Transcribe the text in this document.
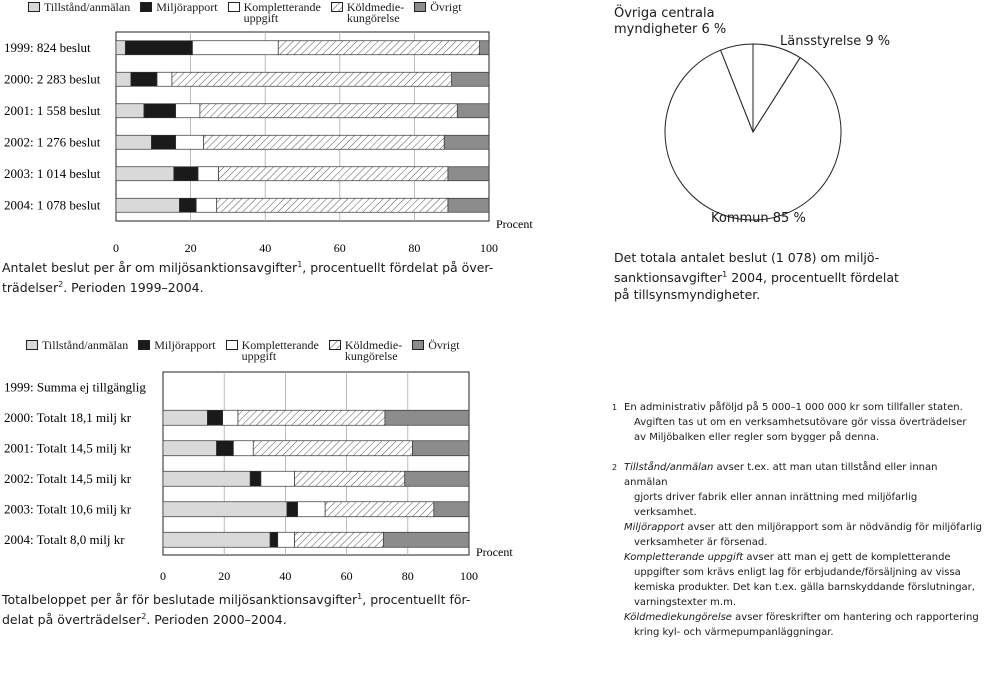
Tillstånd/anmälan Miljörapport Kompletterande
uppgift
Köldmedie-
kungörelse
Övrigt
0	20	40	60	80	100
Procent
1999: 824 beslut
2000: 2 283 beslut
2001: 1 558 beslut
2002: 1 276 beslut
2003: 1 014 beslut
2004: 1 078 beslut
Antalet beslut per år om miljösanktionsavgifter$^1$, procentuellt fördelat på över-
trädelser$^2$. Perioden 1999–2004.
Tillstånd/anmälan Miljörapport Kompletterande
uppgift
Köldmedie-
kungörelse
Övrigt
0	20	40	60	80	100
Procent
1999: Summa ej tillgänglig
2000: Totalt 18,1 milj kr
2001: Totalt 14,5 milj kr
2002: Totalt 14,5 milj kr
2003: Totalt 10,6 milj kr
2004: Totalt 8,0 milj kr
Totalbeloppet per år för beslutade miljösanktionsavgifter$^1$, procentuellt för-
delat på överträdelser$^2$. Perioden 2000–2004.
Övriga centrala
myndigheter 6 %
Länsstyrelse 9 %
Kommun 85 %
Det totala antalet beslut (1 078) om miljö-
sanktionsavgifter$^1$ 2004, procentuellt fördelat
på tillsynsmyndigheter.
1 En administrativ påföljd på 5 000–1 000 000 kr som tillfaller staten.
Avgiften tas ut om en verksamhetsutövare gör vissa överträdelser
av Miljöbalken eller regler som bygger på denna.
2 Tillstånd/anmälan avser t.ex. att man utan tillstånd eller innan anmälan
gjorts driver fabrik eller annan inrättning med miljöfarlig verksamhet.
Miljörapport avser att den miljörapport som är nödvändig för miljöfarlig
verksamheter är försenad.
Kompletterande uppgift avser att man ej gett de kompletterande
uppgifter som krävs enligt lag för erbjudande/försäljning av vissa
kemiska produkter. Det kan t.ex. gälla barnskyddande förslutningar,
varningstexter m.m.
Köldmediekungörelse avser föreskrifter om hantering och rapportering
kring kyl- och värmepumpanläggningar.
